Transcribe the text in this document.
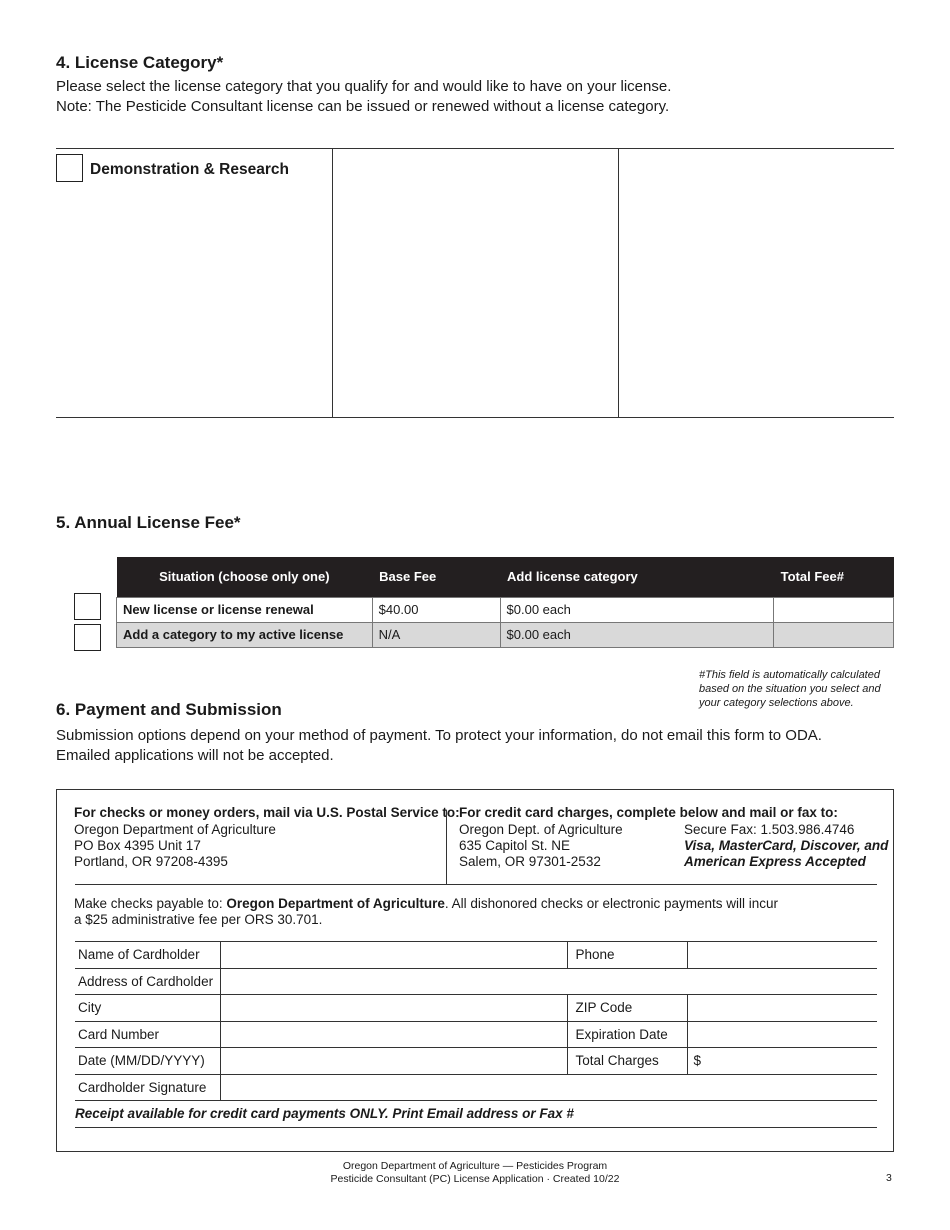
4. License Category*
Please select the license category that you qualify for and would like to have on your license.
Note: The Pesticide Consultant license can be issued or renewed without a license category.
Demonstration & Research
5. Annual License Fee*
Situation (choose only one)	Base Fee	Add license category	Total Fee#
New license or license renewal	$40.00	$0.00 each	
Add a category to my active license	N/A	$0.00 each	
#This field is automatically calculated based on the situation you select and your category selections above.
6. Payment and Submission
Submission options depend on your method of payment. To protect your information, do not email this form to ODA.
Emailed applications will not be accepted.
For checks or money orders, mail via U.S. Postal Service to:
Oregon Department of Agriculture
PO Box 4395 Unit 17
Portland, OR 97208-4395
For credit card charges, complete below and mail or fax to:
Oregon Dept. of Agriculture
635 Capitol St. NE
Salem, OR 97301-2532
Secure Fax: 1.503.986.4746
Visa, MasterCard, Discover, and
American Express Accepted
Make checks payable to: Oregon Department of Agriculture. All dishonored checks or electronic payments will incur
a $25 administrative fee per ORS 30.701.
Name of Cardholder		Phone	
Address of Cardholder			
City		ZIP Code	
Card Number		Expiration Date	
Date (MM/DD/YYYY)		Total Charges	$
Cardholder Signature			
Receipt available for credit card payments ONLY. Print Email address or Fax #			
Oregon Department of Agriculture — Pesticides Program
Pesticide Consultant (PC) License Application · Created 10/22	3
